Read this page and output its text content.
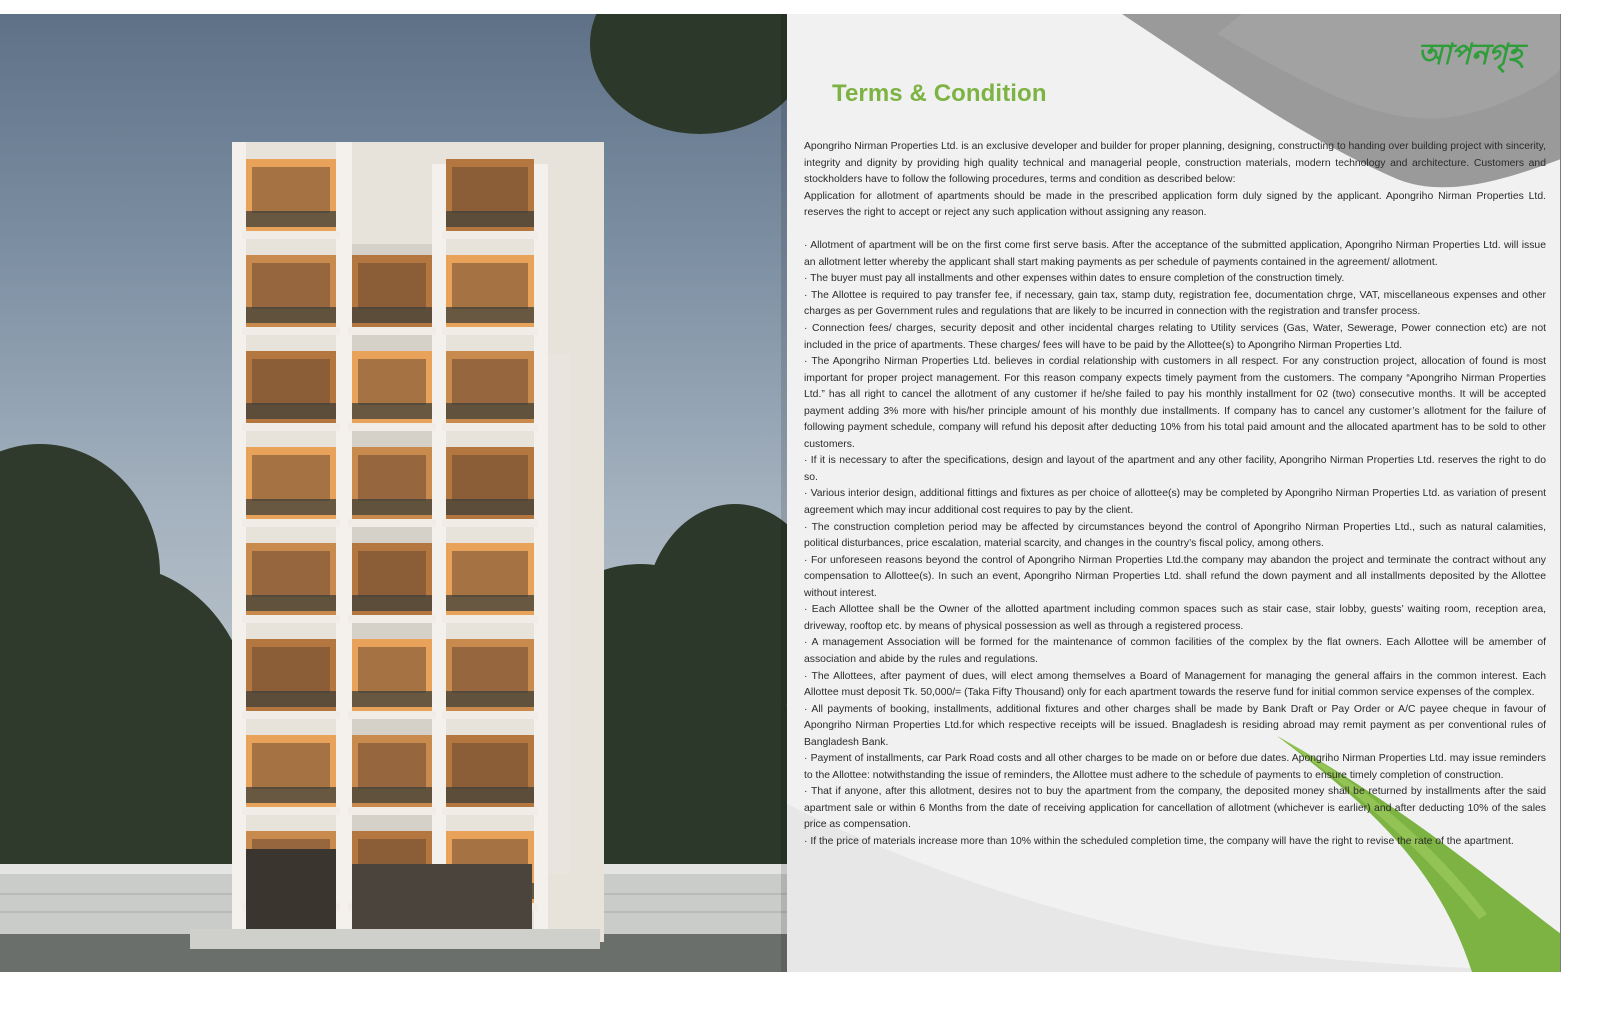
আপনগৃহ
Terms & Condition

Apongriho Nirman Properties Ltd. is an exclusive developer and builder for proper planning, designing, constructing to handing over building project with sincerity, integrity and dignity by providing high quality technical and managerial people, construction materials, modern technology and architecture. Customers and stockholders have to follow the following procedures, terms and condition as described below:

Application for allotment of apartments should be made in the prescribed application form duly signed by the applicant. Apongriho Nirman Properties Ltd. reserves the right to accept or reject any such application without assigning any reason.

· Allotment of apartment will be on the first come first serve basis. After the acceptance of the submitted application, Apongriho Nirman Properties Ltd. will issue an allotment letter whereby the applicant shall start making payments as per schedule of payments contained in the agreement/ allotment.

· The buyer must pay all installments and other expenses within dates to ensure completion of the construction timely.

· The Allottee is required to pay transfer fee, if necessary, gain tax, stamp duty, registration fee, documentation chrge, VAT, miscellaneous expenses and other charges as per Government rules and regulations that are likely to be incurred in connection with the registration and transfer process.

· Connection fees/ charges, security deposit and other incidental charges relating to Utility services (Gas, Water, Sewerage, Power connection etc) are not included in the price of apartments. These charges/ fees will have to be paid by the Allottee(s) to Apongriho Nirman Properties Ltd.

· The Apongriho Nirman Properties Ltd. believes in cordial relationship with customers in all respect. For any construction project, allocation of found is most important for proper project management. For this reason company expects timely payment from the customers. The company “Apongriho Nirman Properties Ltd.” has all right to cancel the allotment of any customer if he/she failed to pay his monthly installment for 02 (two) consecutive months. It will be accepted payment adding 3% more with his/her principle amount of his monthly due installments. If company has to cancel any customer’s allotment for the failure of following payment schedule, company will refund his deposit after deducting 10% from his total paid amount and the allocated apartment has to be sold to other customers.

· If it is necessary to after the specifications, design and layout of the apartment and any other facility, Apongriho Nirman Properties Ltd. reserves the right to do so.

· Various interior design, additional fittings and fixtures as per choice of allottee(s) may be completed by Apongriho Nirman Properties Ltd. as variation of present agreement which may incur additional cost requires to pay by the client.

· The construction completion period may be affected by circumstances beyond the control of Apongriho Nirman Properties Ltd., such as natural calamities, political disturbances, price escalation, material scarcity, and changes in the country’s fiscal policy, among others.

· For unforeseen reasons beyond the control of Apongriho Nirman Properties Ltd.the company may abandon the project and terminate the contract without any compensation to Allottee(s). In such an event, Apongriho Nirman Properties Ltd. shall refund the down payment and all installments deposited by the Allottee without interest.

· Each Allottee shall be the Owner of the allotted apartment including common spaces such as stair case, stair lobby, guests’ waiting room, reception area, driveway, rooftop etc. by means of physical possession as well as through a registered process.

· A management Association will be formed for the maintenance of common facilities of the complex by the flat owners. Each Allottee will be amember of association and abide by the rules and regulations.

· The Allottees, after payment of dues, will elect among themselves a Board of Management for managing the general affairs in the common interest. Each Allottee must deposit Tk. 50,000/= (Taka Fifty Thousand) only for each apartment towards the reserve fund for initial common service expenses of the complex.

· All payments of booking, installments, additional fixtures and other charges shall be made by Bank Draft or Pay Order or A/C payee cheque in favour of Apongriho Nirman Properties Ltd.for which respective receipts will be issued. Bnagladesh is residing abroad may remit payment as per conventional rules of Bangladesh Bank.

· Payment of installments, car Park Road costs and all other charges to be made on or before due dates. Apongriho Nirman Properties Ltd. may issue reminders to the Allottee: notwithstanding the issue of reminders, the Allottee must adhere to the schedule of payments to ensure timely completion of construction.

· That if anyone, after this allotment, desires not to buy the apartment from the company, the deposited money shall be returned by installments after the said apartment sale or within 6 Months from the date of receiving application for cancellation of allotment (whichever is earlier) and after deducting 10% of the sales price as compensation.

· If the price of materials increase more than 10% within the scheduled completion time, the company will have the right to revise the rate of the apartment.
